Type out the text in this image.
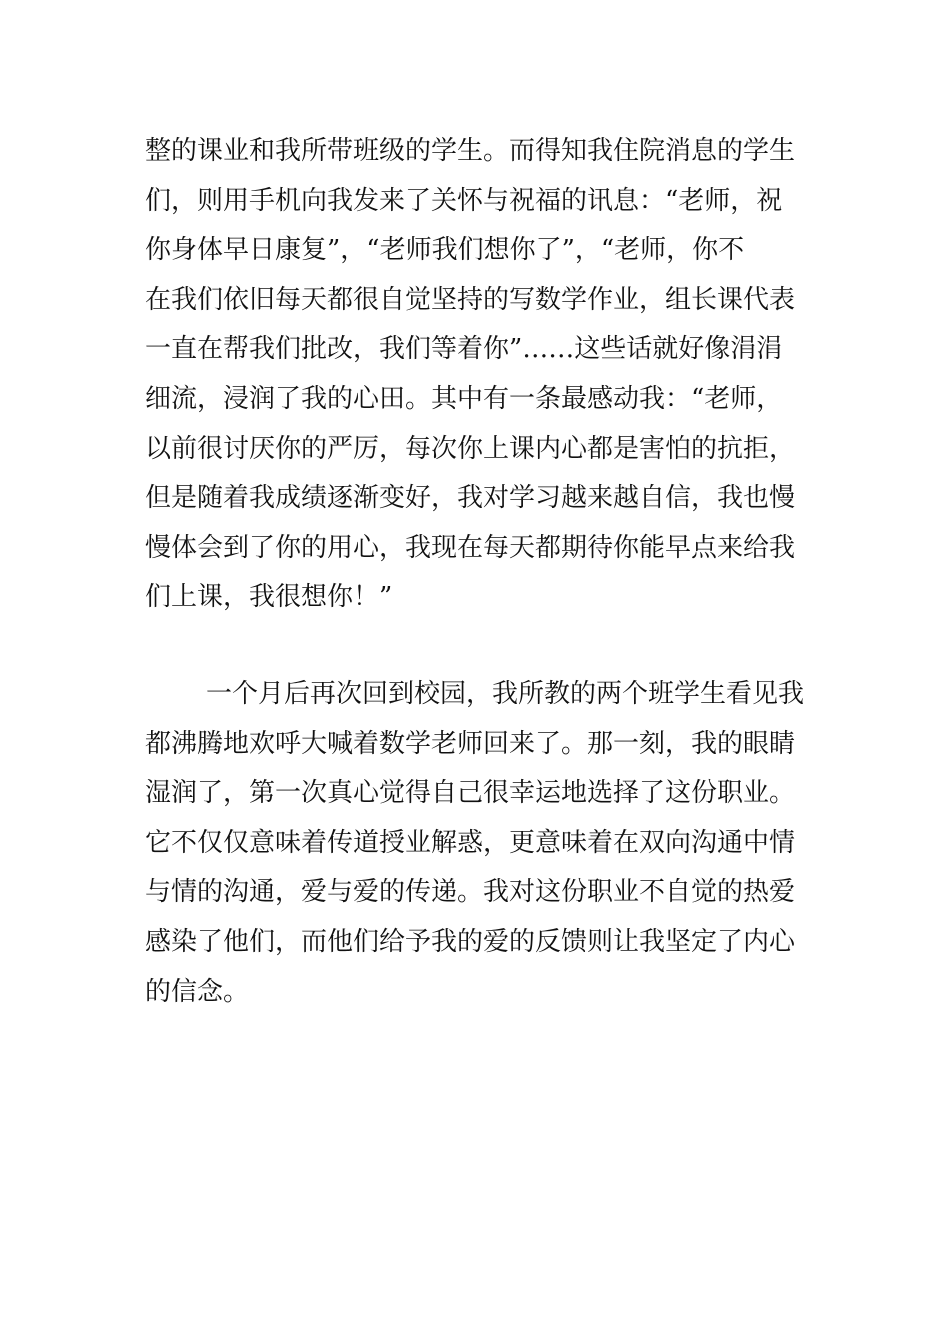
整的课业和我所带班级的学生。而得知我住院消息的学生
们，则用手机向我发来了关怀与祝福的讯息：“老师，祝
你身体早日康复”，“老师我们想你了”，“老师，你不
在我们依旧每天都很自觉坚持的写数学作业，组长课代表
一直在帮我们批改，我们等着你”……这些话就好像涓涓
细流，浸润了我的心田。其中有一条最感动我：“老师，
以前很讨厌你的严厉，每次你上课内心都是害怕的抗拒，
但是随着我成绩逐渐变好，我对学习越来越自信，我也慢
慢体会到了你的用心，我现在每天都期待你能早点来给我
们上课，我很想你！”
一个月后再次回到校园，我所教的两个班学生看见我
都沸腾地欢呼大喊着数学老师回来了。那一刻，我的眼睛
湿润了，第一次真心觉得自己很幸运地选择了这份职业。
它不仅仅意味着传道授业解惑，更意味着在双向沟通中情
与情的沟通，爱与爱的传递。我对这份职业不自觉的热爱
感染了他们，而他们给予我的爱的反馈则让我坚定了内心
的信念。
